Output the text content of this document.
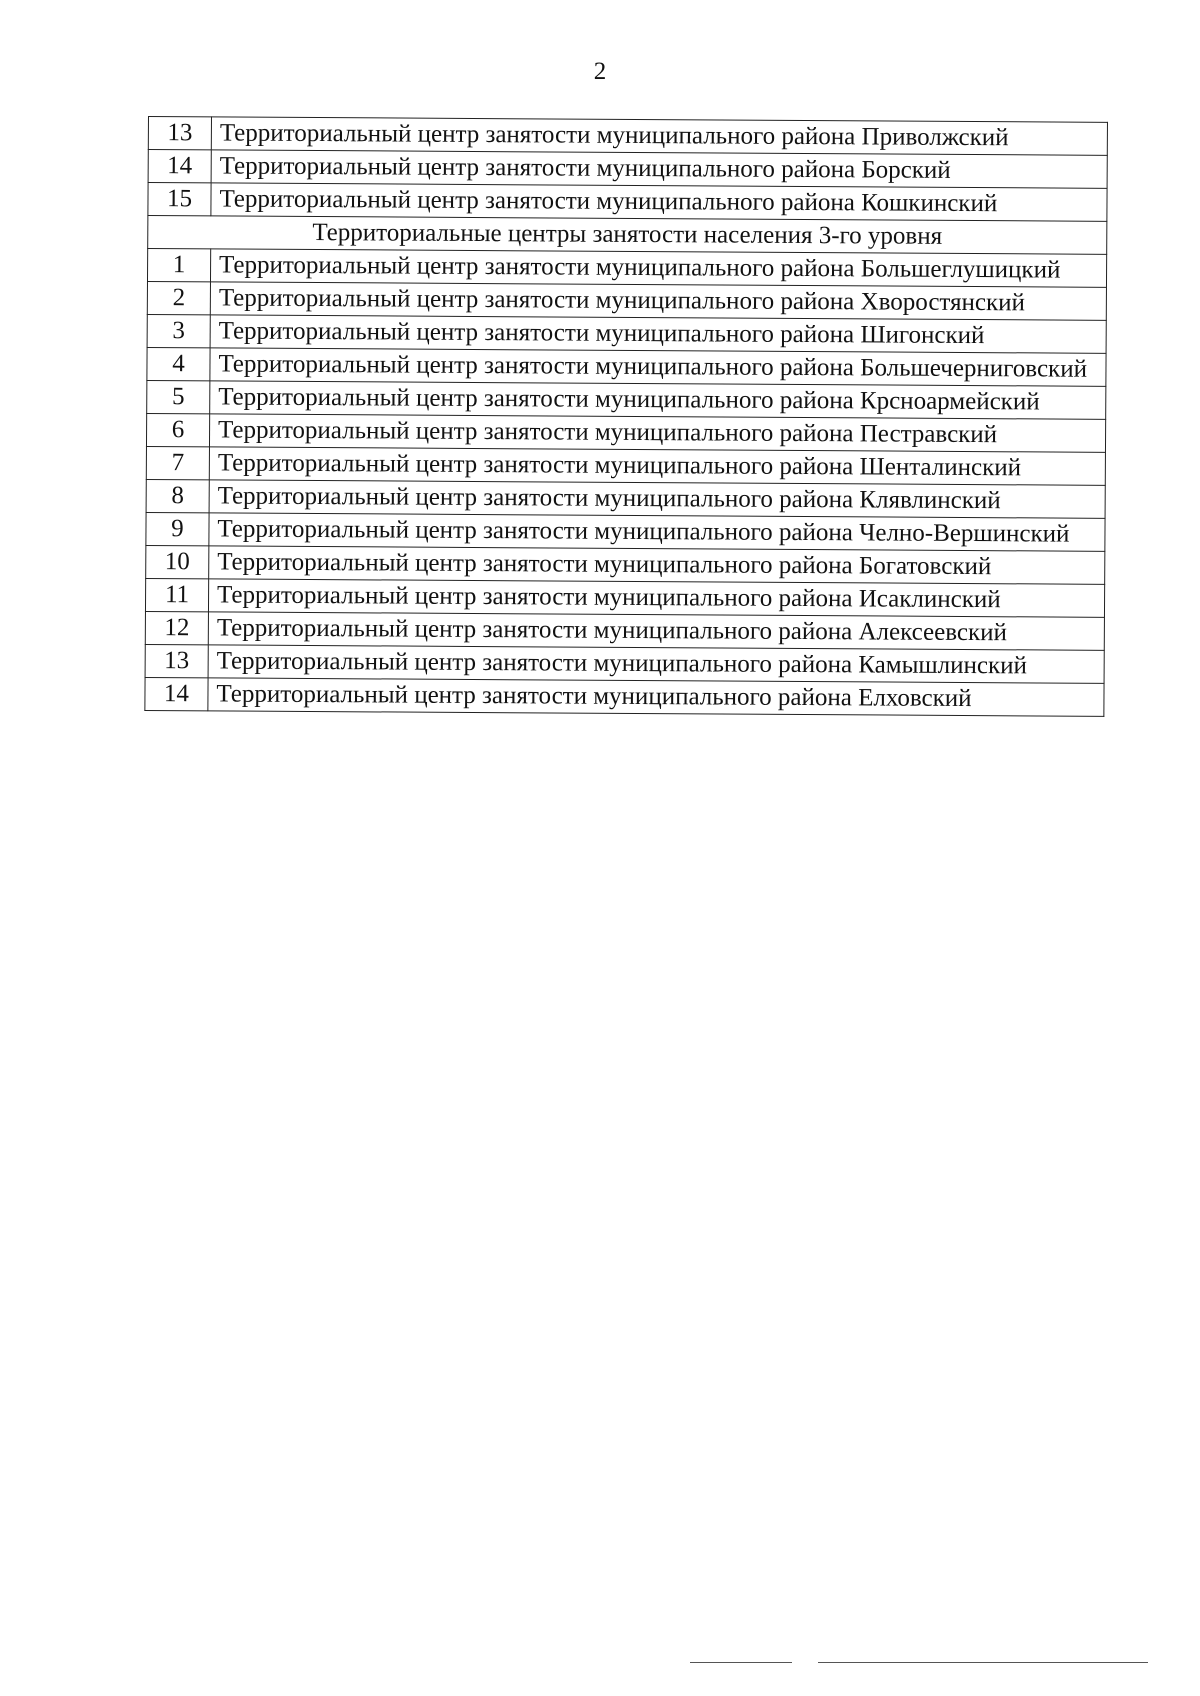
2
13	Территориальный центр занятости муниципального района Приволжский
14	Территориальный центр занятости муниципального района Борский
15	Территориальный центр занятости муниципального района Кошкинский
Территориальные центры занятости населения 3-го уровня	
1	Территориальный центр занятости муниципального района Большеглушицкий
2	Территориальный центр занятости муниципального района Хворостянский
3	Территориальный центр занятости муниципального района Шигонский
4	Территориальный центр занятости муниципального района Большечерниговский
5	Территориальный центр занятости муниципального района Крсноармейский
6	Территориальный центр занятости муниципального района Пестравский
7	Территориальный центр занятости муниципального района Шенталинский
8	Территориальный центр занятости муниципального района Клявлинский
9	Территориальный центр занятости муниципального района Челно-Вершинский
10	Территориальный центр занятости муниципального района Богатовский
11	Территориальный центр занятости муниципального района Исаклинский
12	Территориальный центр занятости муниципального района Алексеевский
13	Территориальный центр занятости муниципального района Камышлинский
14	Территориальный центр занятости муниципального района Елховский
